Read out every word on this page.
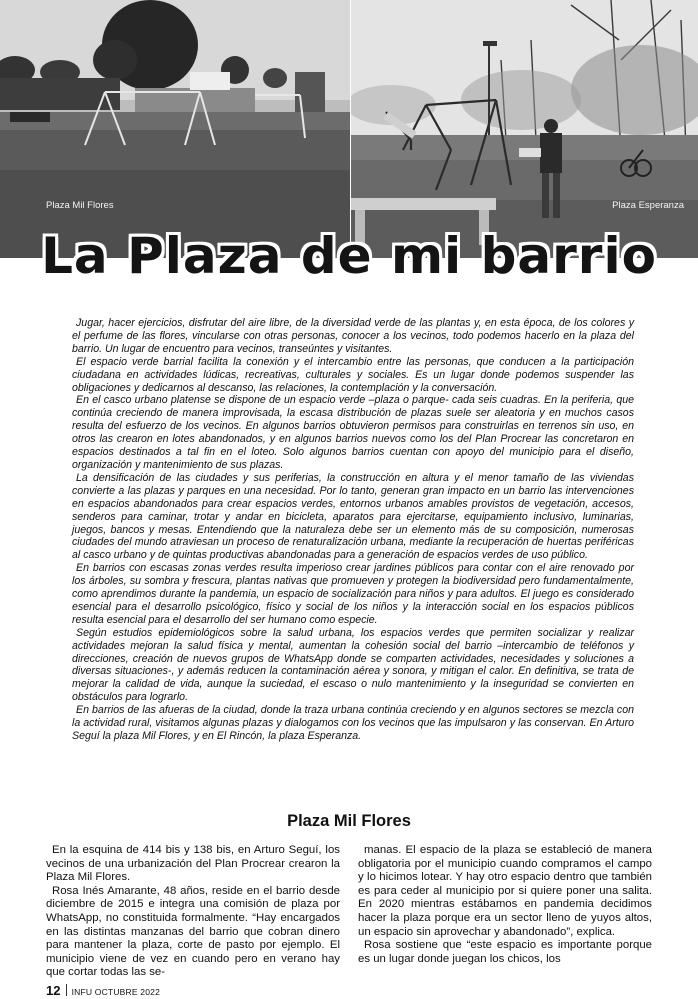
Plaza Mil Flores	Plaza Esperanza
La Plaza de mi barrio

Jugar, hacer ejercicios, disfrutar del aire libre, de la diversidad verde de las plantas y, en esta época, de los colores y el perfume de las flores, vincularse con otras personas, conocer a los vecinos, todo podemos hacerlo en la plaza del barrio. Un lugar de encuentro para vecinos, transeúntes y visitantes.

El espacio verde barrial facilita la conexión y el intercambio entre las personas, que conducen a la participación ciudadana en actividades lúdicas, recreativas, culturales y sociales. Es un lugar donde podemos suspender las obligaciones y dedicarnos al descanso, las relaciones, la contemplación y la conversación.

En el casco urbano platense se dispone de un espacio verde –plaza o parque- cada seis cuadras. En la periferia, que continúa creciendo de manera improvisada, la escasa distribución de plazas suele ser aleatoria y en muchos casos resulta del esfuerzo de los vecinos. En algunos barrios obtuvieron permisos para construirlas en terrenos sin uso, en otros las crearon en lotes abandonados, y en algunos barrios nuevos como los del Plan Procrear las concretaron en espacios destinados a tal fin en el loteo. Solo algunos barrios cuentan con apoyo del municipio para el diseño, organización y mantenimiento de sus plazas.

La densificación de las ciudades y sus periferias, la construcción en altura y el menor tamaño de las viviendas convierte a las plazas y parques en una necesidad. Por lo tanto, generan gran impacto en un barrio las intervenciones en espacios abandonados para crear espacios verdes, entornos urbanos amables provistos de vegetación, accesos, senderos para caminar, trotar y andar en bicicleta, aparatos para ejercitarse, equipamiento inclusivo, luminarias, juegos, bancos y mesas. Entendiendo que la naturaleza debe ser un elemento más de su composición, numerosas ciudades del mundo atraviesan un proceso de renaturalización urbana, mediante la recuperación de huertas periféricas al casco urbano y de quintas productivas abandonadas para a generación de espacios verdes de uso público.

En barrios con escasas zonas verdes resulta imperioso crear jardines públicos para contar con el aire renovado por los árboles, su sombra y frescura, plantas nativas que promueven y protegen la biodiversidad pero fundamentalmente, como aprendimos durante la pandemia, un espacio de socialización para niños y para adultos. El juego es considerado esencial para el desarrollo psicológico, físico y social de los niños y la interacción social en los espacios públicos resulta esencial para el desarrollo del ser humano como especie.

Según estudios epidemiológicos sobre la salud urbana, los espacios verdes que permiten socializar y realizar actividades mejoran la salud física y mental, aumentan la cohesión social del barrio –intercambio de teléfonos y direcciones, creación de nuevos grupos de WhatsApp donde se comparten actividades, necesidades y soluciones a diversas situaciones-, y además reducen la contaminación aérea y sonora, y mitigan el calor. En definitiva, se trata de mejorar la calidad de vida, aunque la suciedad, el escaso o nulo mantenimiento y la inseguridad se convierten en obstáculos para lograrlo.

En barrios de las afueras de la ciudad, donde la traza urbana continúa creciendo y en algunos sectores se mezcla con la actividad rural, visitamos algunas plazas y dialogamos con los vecinos que las impulsaron y las conservan. En Arturo Seguí la plaza Mil Flores, y en El Rincón, la plaza Esperanza.

Plaza Mil Flores

En la esquina de 414 bis y 138 bis, en Arturo Seguí, los vecinos de una urbanización del Plan Procrear crearon la Plaza Mil Flores.

Rosa Inés Amarante, 48 años, reside en el barrio desde diciembre de 2015 e integra una comisión de plaza por WhatsApp, no constituida formalmente. “Hay encargados en las distintas manzanas del barrio que cobran dinero para mantener la plaza, corte de pasto por ejemplo. El municipio viene de vez en cuando pero en verano hay que cortar todas las se-

manas. El espacio de la plaza se estableció de manera obligatoria por el municipio cuando compramos el campo y lo hicimos lotear. Y hay otro espacio dentro que también es para ceder al municipio por si quiere poner una salita. En 2020 mientras estábamos en pandemia decidimos hacer la plaza porque era un sector lleno de yuyos altos, un espacio sin aprovechar y abandonado”, explica.

Rosa sostiene que “este espacio es importante porque es un lugar donde juegan los chicos, los

12 INFU OCTUBRE 2022
